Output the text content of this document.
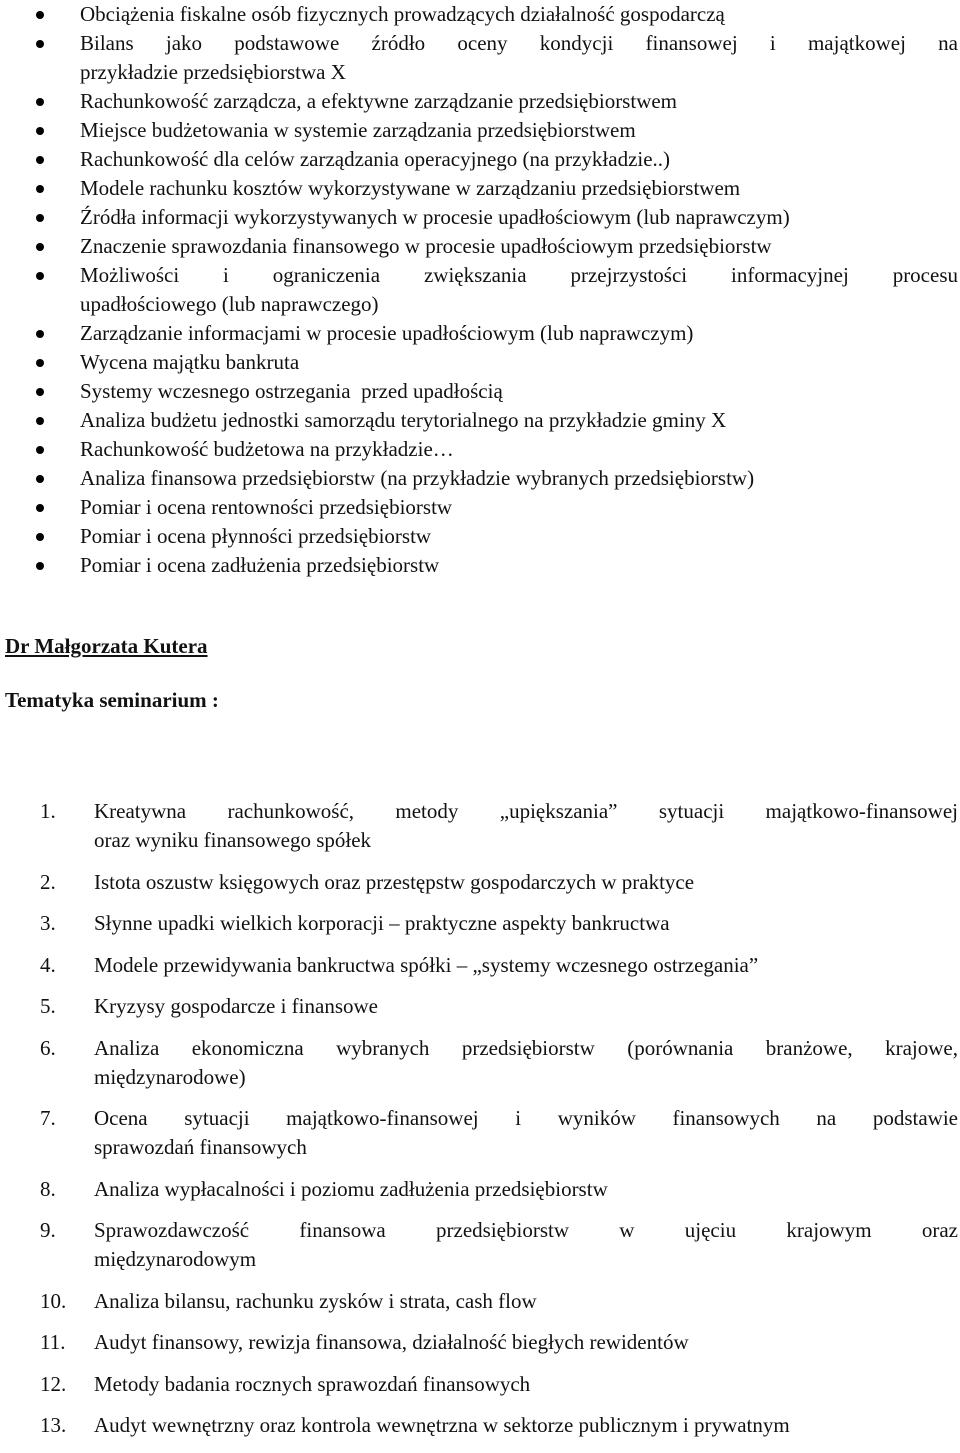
Obciążenia fiskalne osób fizycznych prowadzących działalność gospodarczą
Bilans jako podstawowe źródło oceny kondycji finansowej i majątkowej na
przykładzie przedsiębiorstwa X
Rachunkowość zarządcza, a efektywne zarządzanie przedsiębiorstwem
Miejsce budżetowania w systemie zarządzania przedsiębiorstwem
Rachunkowość dla celów zarządzania operacyjnego (na przykładzie..)
Modele rachunku kosztów wykorzystywane w zarządzaniu przedsiębiorstwem
Źródła informacji wykorzystywanych w procesie upadłościowym (lub naprawczym)
Znaczenie sprawozdania finansowego w procesie upadłościowym przedsiębiorstw
Możliwości i ograniczenia zwiększania przejrzystości informacyjnej procesu
upadłościowego (lub naprawczego)
Zarządzanie informacjami w procesie upadłościowym (lub naprawczym)
Wycena majątku bankruta
Systemy wczesnego ostrzegania  przed upadłością
Analiza budżetu jednostki samorządu terytorialnego na przykładzie gminy X
Rachunkowość budżetowa na przykładzie…
Analiza finansowa przedsiębiorstw (na przykładzie wybranych przedsiębiorstw)
Pomiar i ocena rentowności przedsiębiorstw
Pomiar i ocena płynności przedsiębiorstw
Pomiar i ocena zadłużenia przedsiębiorstw

Dr Małgorzata Kutera

Tematyka seminarium :

1. Kreatywna rachunkowość, metody „upiększania” sytuacji majątkowo-finansowej
oraz wyniku finansowego spółek
2. Istota oszustw księgowych oraz przestępstw gospodarczych w praktyce
3. Słynne upadki wielkich korporacji – praktyczne aspekty bankructwa
4. Modele przewidywania bankructwa spółki – „systemy wczesnego ostrzegania”
5. Kryzysy gospodarcze i finansowe
6. Analiza ekonomiczna wybranych przedsiębiorstw (porównania branżowe, krajowe,
międzynarodowe)
7. Ocena sytuacji majątkowo-finansowej i wyników finansowych na podstawie
sprawozdań finansowych
8. Analiza wypłacalności i poziomu zadłużenia przedsiębiorstw
9. Sprawozdawczość finansowa przedsiębiorstw w ujęciu krajowym oraz
międzynarodowym
10. Analiza bilansu, rachunku zysków i strata, cash flow
11. Audyt finansowy, rewizja finansowa, działalność biegłych rewidentów
12. Metody badania rocznych sprawozdań finansowych
13. Audyt wewnętrzny oraz kontrola wewnętrzna w sektorze publicznym i prywatnym
